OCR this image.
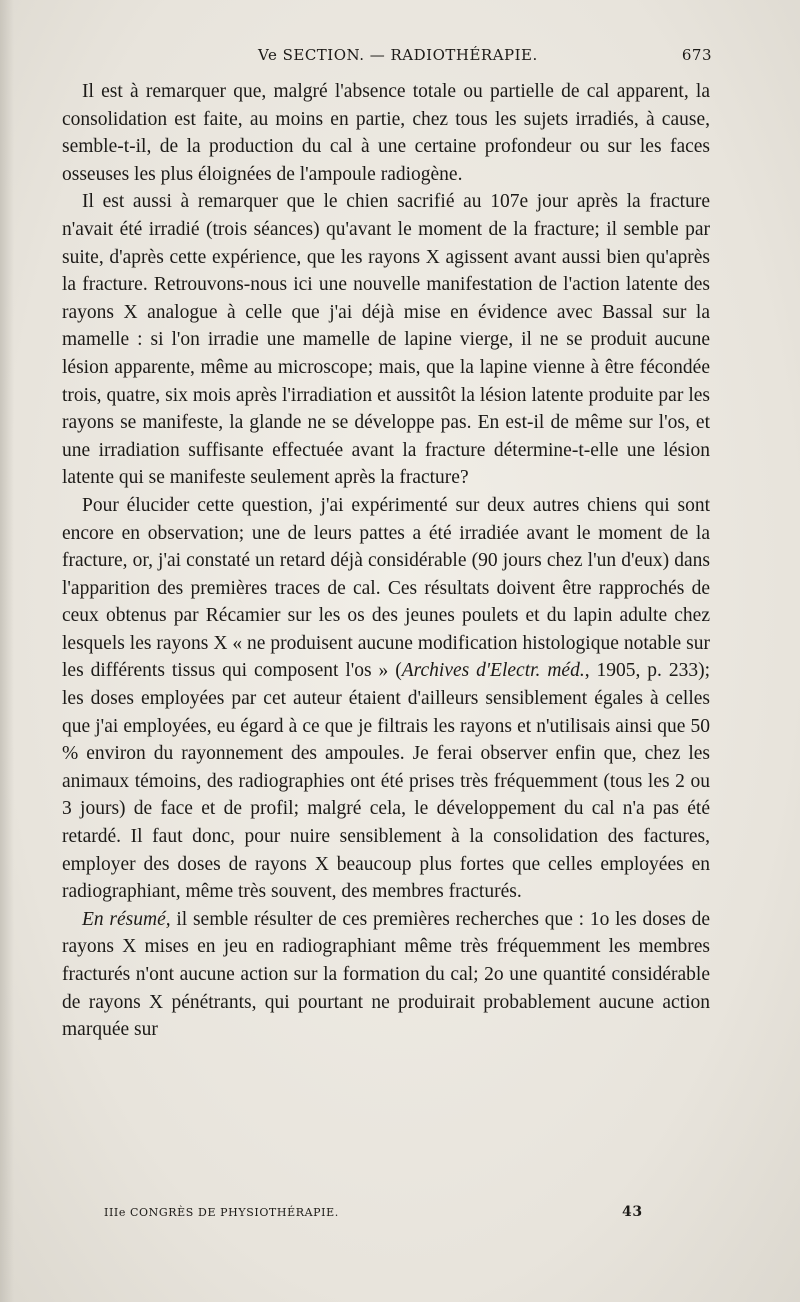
Ve SECTION. — RADIOTHÉRAPIE.	673

Il est à remarquer que, malgré l'absence totale ou partielle de cal apparent, la consolidation est faite, au moins en partie, chez tous les sujets irradiés, à cause, semble-t-il, de la production du cal à une certaine profondeur ou sur les faces osseuses les plus éloignées de l'ampoule radiogène.

Il est aussi à remarquer que le chien sacrifié au 107e jour après la fracture n'avait été irradié (trois séances) qu'avant le moment de la fracture; il semble par suite, d'après cette expérience, que les rayons X agissent avant aussi bien qu'après la fracture. Retrouvons-nous ici une nouvelle manifestation de l'action latente des rayons X analogue à celle que j'ai déjà mise en évidence avec Bassal sur la mamelle : si l'on irradie une mamelle de lapine vierge, il ne se produit aucune lésion apparente, même au microscope; mais, que la lapine vienne à être fécondée trois, quatre, six mois après l'irradiation et aussitôt la lésion latente produite par les rayons se manifeste, la glande ne se développe pas. En est-il de même sur l'os, et une irradiation suffisante effectuée avant la fracture détermine-t-elle une lésion latente qui se manifeste seulement après la fracture?

Pour élucider cette question, j'ai expérimenté sur deux autres chiens qui sont encore en observation; une de leurs pattes a été irradiée avant le moment de la fracture, or, j'ai constaté un retard déjà considérable (90 jours chez l'un d'eux) dans l'apparition des premières traces de cal. Ces résultats doivent être rapprochés de ceux obtenus par Récamier sur les os des jeunes poulets et du lapin adulte chez lesquels les rayons X « ne produisent aucune modification histologique notable sur les différents tissus qui composent l'os » (Archives d'Electr. méd., 1905, p. 233); les doses employées par cet auteur étaient d'ailleurs sensiblement égales à celles que j'ai employées, eu égard à ce que je filtrais les rayons et n'utilisais ainsi que 50 % environ du rayonnement des ampoules. Je ferai observer enfin que, chez les animaux témoins, des radiographies ont été prises très fréquemment (tous les 2 ou 3 jours) de face et de profil; malgré cela, le développement du cal n'a pas été retardé. Il faut donc, pour nuire sensiblement à la consolidation des factures, employer des doses de rayons X beaucoup plus fortes que celles employées en radiographiant, même très souvent, des membres fracturés.

En résumé, il semble résulter de ces premières recherches que : 1o les doses de rayons X mises en jeu en radiographiant même très fréquemment les membres fracturés n'ont aucune action sur la formation du cal; 2o une quantité considérable de rayons X pénétrants, qui pourtant ne produirait probablement aucune action marquée sur

IIIe CONGRÈS DE PHYSIOTHÉRAPIE.	43
